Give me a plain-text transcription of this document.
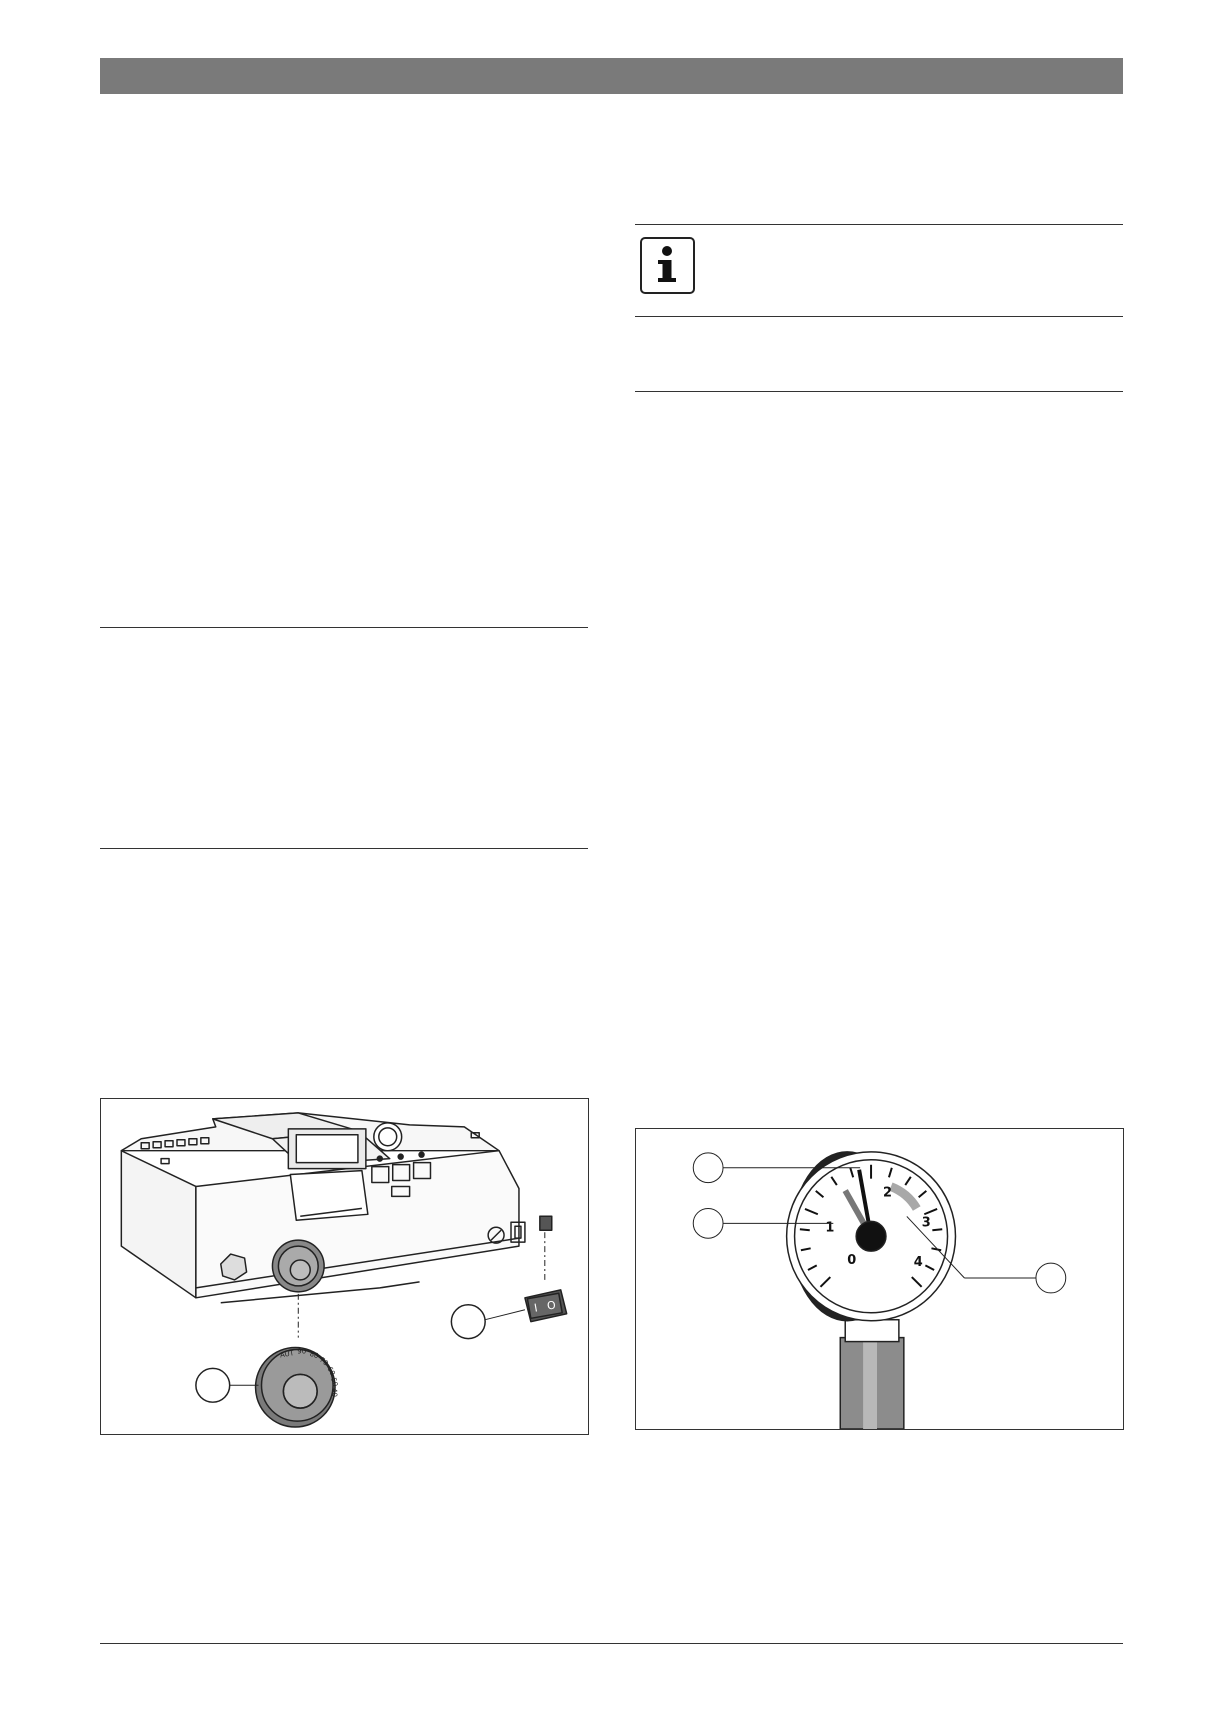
AUT 90 80
70
60
50
40
I O
0
1
2
3
4
